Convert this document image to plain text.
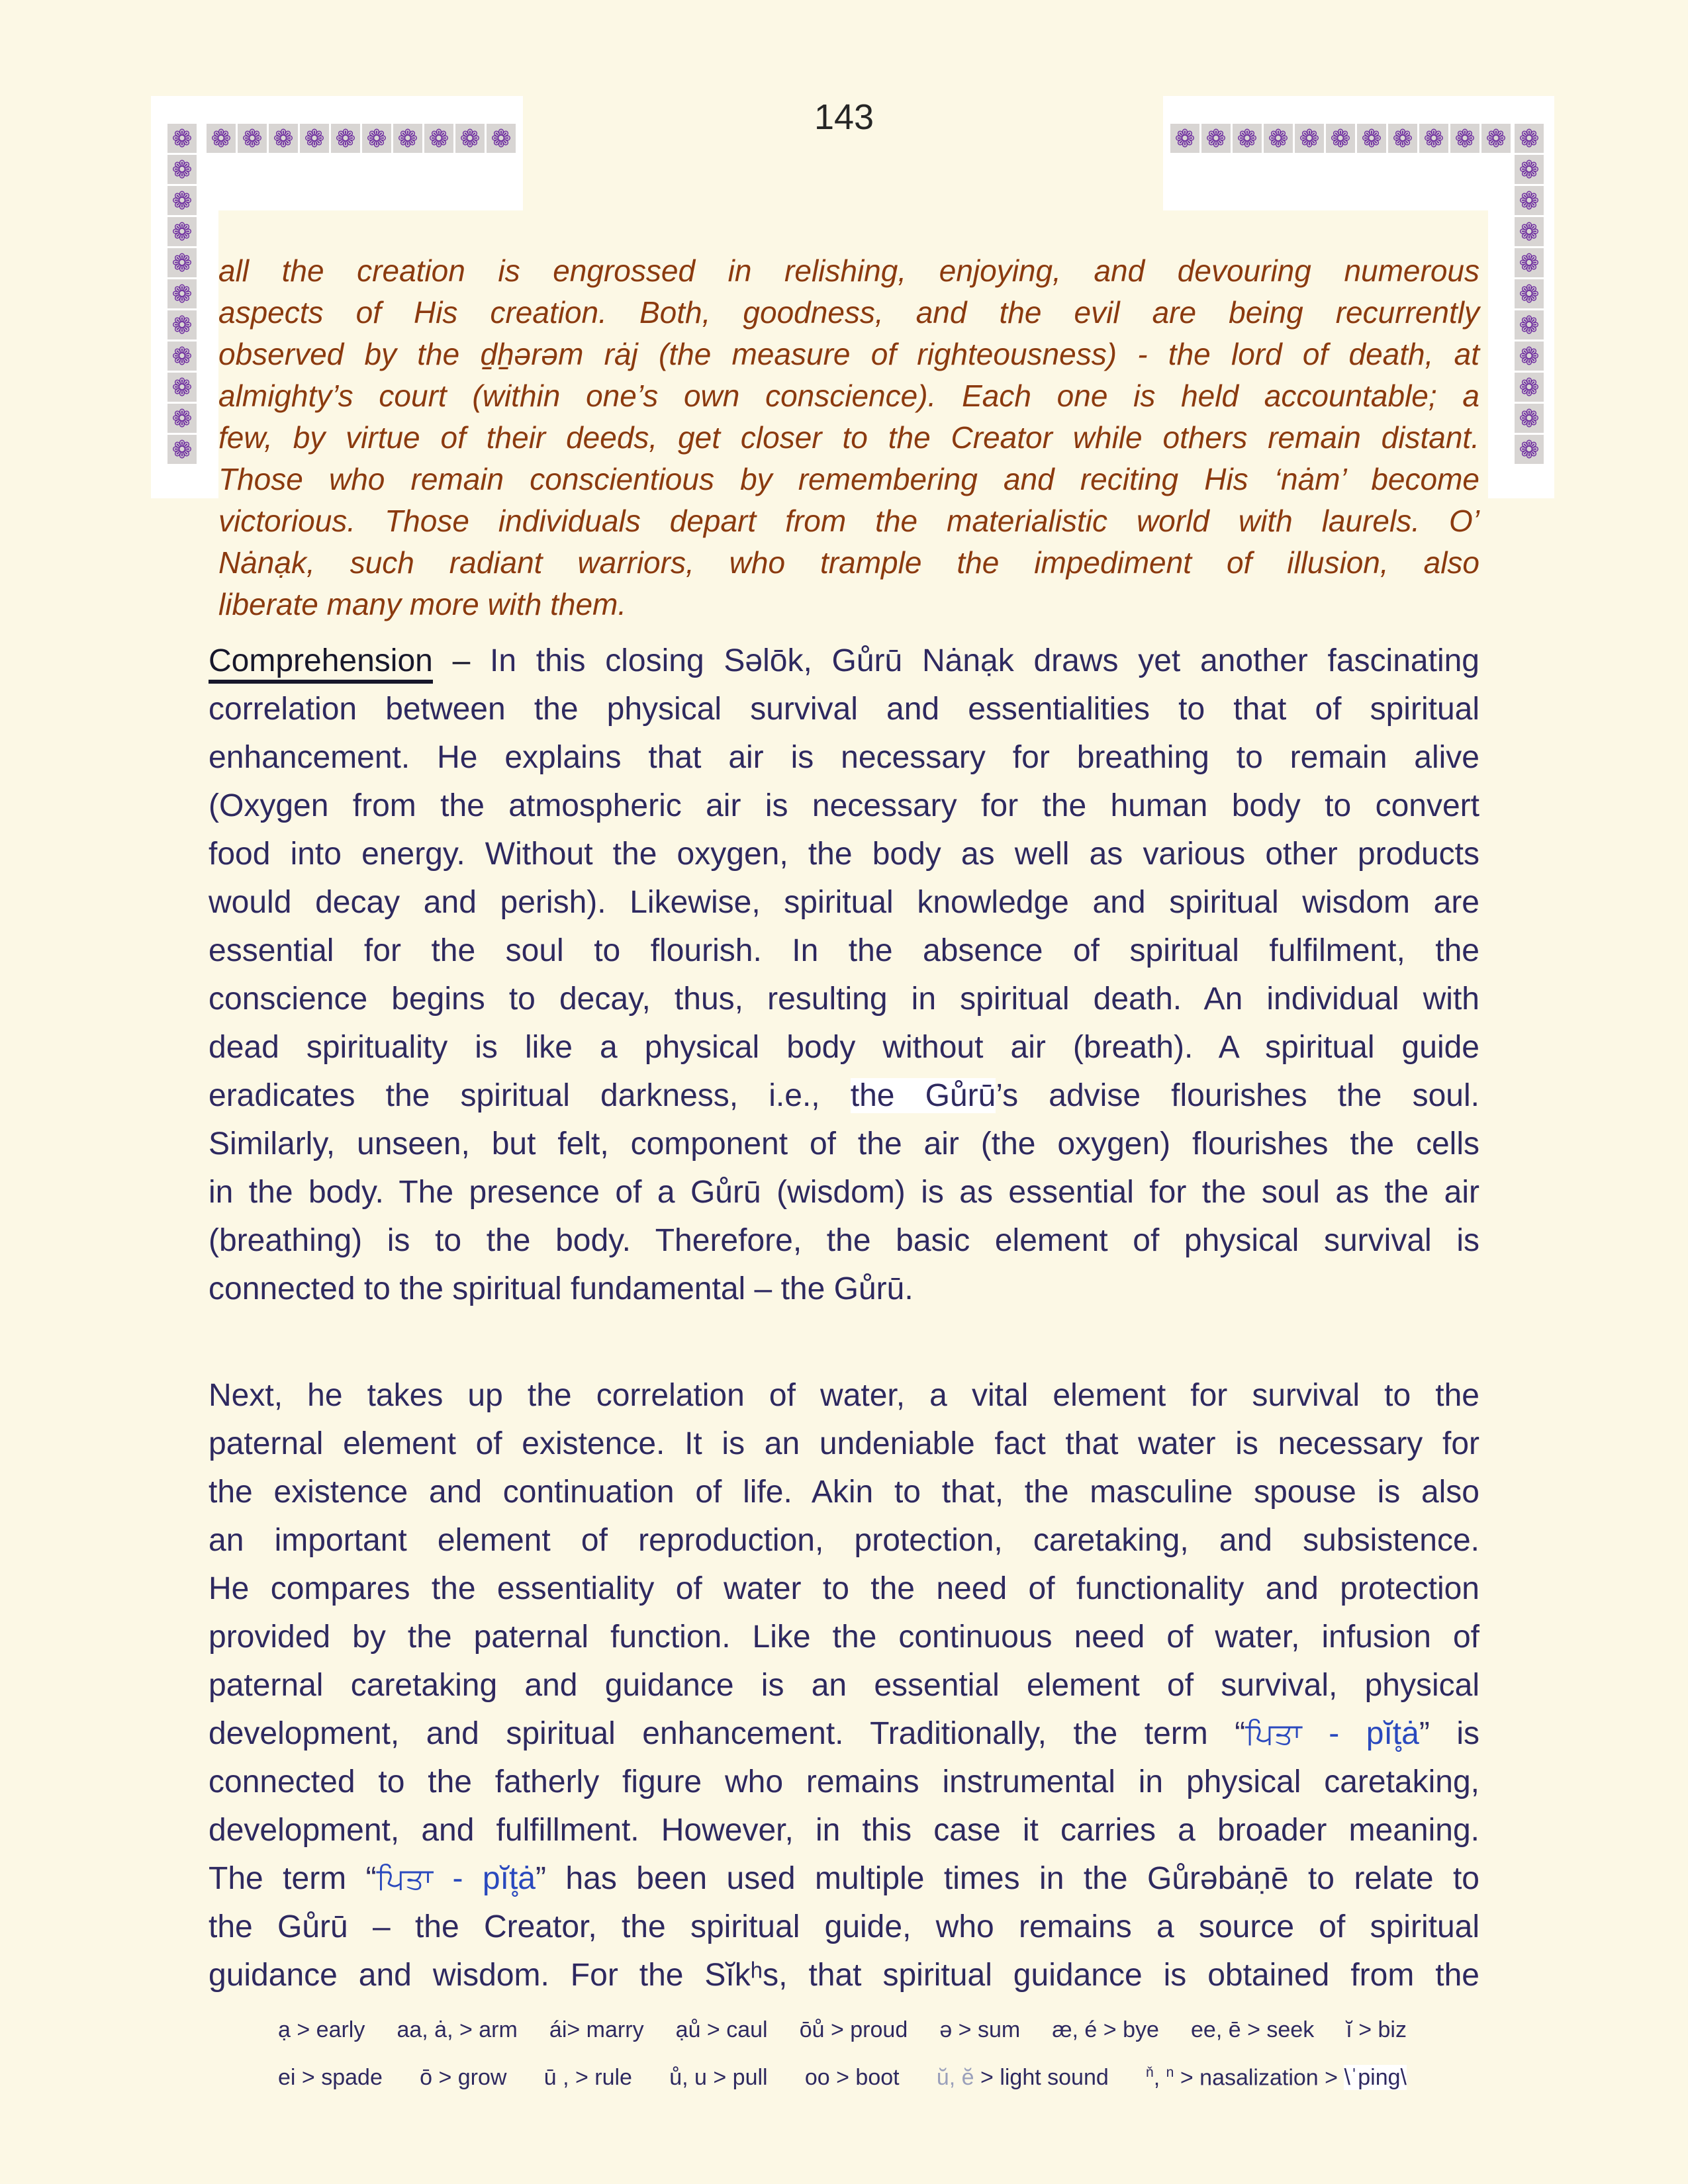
143
❁ ❁ ❁ ❁ ❁ ❁ ❁ ❁ ❁ ❁	❁ ❁ ❁ ❁ ❁ ❁ ❁ ❁ ❁ ❁ ❁
❁
❁
❁
❁
❁
❁
❁
❁
❁
❁
❁
❁
❁
❁
❁
❁
❁
❁
❁
❁
❁
❁
all the creation is engrossed in relishing, enjoying, and devouring numerous
aspects of His creation. Both, goodness, and the evil are being recurrently
observed by the ḏẖərəm rȧj (the measure of righteousness) - the lord of death, at
almighty’s court (within one’s own conscience). Each one is held accountable; a
few, by virtue of their deeds, get closer to the Creator while others remain distant.
Those who remain conscientious by remembering and reciting His ‘nȧm’ become
victorious. Those individuals depart from the materialistic world with laurels. O’
Nȧnạk, such radiant warriors, who trample the impediment of illusion, also
liberate many more with them.
Comprehension – In this closing Səlōk, Gůrū Nȧnạk draws yet another fascinating
correlation between the physical survival and essentialities to that of spiritual
enhancement. He explains that air is necessary for breathing to remain alive
(Oxygen from the atmospheric air is necessary for the human body to convert
food into energy. Without the oxygen, the body as well as various other products
would decay and perish). Likewise, spiritual knowledge and spiritual wisdom are
essential for the soul to flourish. In the absence of spiritual fulfilment, the
conscience begins to decay, thus, resulting in spiritual death. An individual with
dead spirituality is like a physical body without air (breath). A spiritual guide
eradicates the spiritual darkness, i.e., the Gůrū’s advise flourishes the soul.
Similarly, unseen, but felt, component of the air (the oxygen) flourishes the cells
in the body. The presence of a Gůrū (wisdom) is as essential for the soul as the air
(breathing) is to the body. Therefore, the basic element of physical survival is
connected to the spiritual fundamental – the Gůrū.
Next, he takes up the correlation of water, a vital element for survival to the
paternal element of existence. It is an undeniable fact that water is necessary for
the existence and continuation of life. Akin to that, the masculine spouse is also
an important element of reproduction, protection, caretaking, and subsistence.
He compares the essentiality of water to the need of functionality and protection
provided by the paternal function. Like the continuous need of water, infusion of
paternal caretaking and guidance is an essential element of survival, physical
development, and spiritual enhancement. Traditionally, the term “ਪਿਤਾ - pĭt̥ȧ” is
connected to the fatherly figure who remains instrumental in physical caretaking,
development, and fulfillment. However, in this case it carries a broader meaning.
The term “ਪਿਤਾ - pĭt̥ȧ” has been used multiple times in the Gůrəbȧṇē to relate to
the Gůrū – the Creator, the spiritual guide, who remains a source of spiritual
guidance and wisdom. For the Sĭkʰs, that spiritual guidance is obtained from the
ạ > early aa, ȧ, > arm ái> marry ạů > caul ōů > proud ə > sum æ, é > bye ee, ē > seek ĭ > biz
ei > spade ō > grow ū , > rule ů, u > pull oo > boot ŭ, ĕ > light sound	$^ň$, $^n$ > nasalization > \ˈping\
